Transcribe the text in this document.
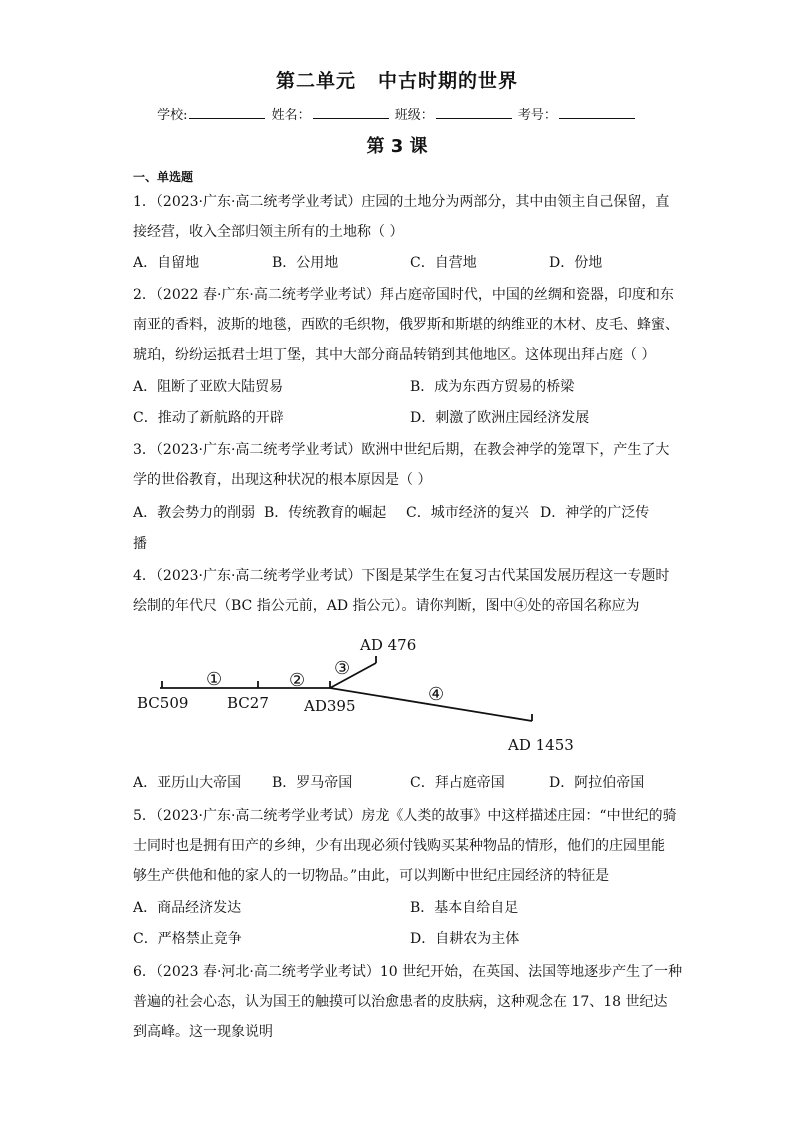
第二单元 中古时期的世界
学校:	姓名：	班级：	考号：
第 3 课
一、单选题
1．（2023·广东·高二统考学业考试）庄园的土地分为两部分，其中由领主自己保留，直
接经营，收入全部归领主所有的土地称（ ）
A．自留地	B．公用地	C．自营地	D．份地
2．（2022 春·广东·高二统考学业考试）拜占庭帝国时代，中国的丝绸和瓷器，印度和东
南亚的香料，波斯的地毯，西欧的毛织物，俄罗斯和斯堪的纳维亚的木材、皮毛、蜂蜜、
琥珀，纷纷运抵君士坦丁堡，其中大部分商品转销到其他地区。这体现出拜占庭（ ）
A．阻断了亚欧大陆贸易	B．成为东西方贸易的桥梁
C．推动了新航路的开辟	D．刺激了欧洲庄园经济发展
3．（2023·广东·高二统考学业考试）欧洲中世纪后期，在教会神学的笼罩下，产生了大
学的世俗教育，出现这种状况的根本原因是（ ）
A．教会势力的削弱 B．传统教育的崛起 C．城市经济的复兴 D．神学的广泛传
播
4．（2023·广东·高二统考学业考试）下图是某学生在复习古代某国发展历程这一专题时
绘制的年代尺（BC 指公元前，AD 指公元）。请你判断，图中④处的帝国名称应为
BC509	BC27 AD395
AD 476
AD 1453
①	②
③
④
A．亚历山大帝国 B．罗马帝国	C．拜占庭帝国	D．阿拉伯帝国
5．（2023·广东·高二统考学业考试）房龙《人类的故事》中这样描述庄园：“中世纪的骑
士同时也是拥有田产的乡绅，少有出现必须付钱购买某种物品的情形，他们的庄园里能
够生产供他和他的家人的一切物品。”由此，可以判断中世纪庄园经济的特征是
A．商品经济发达	B．基本自给自足
C．严格禁止竞争	D．自耕农为主体
6．（2023 春·河北·高二统考学业考试）10 世纪开始，在英国、法国等地逐步产生了一种
普遍的社会心态，认为国王的触摸可以治愈患者的皮肤病，这种观念在 17、18 世纪达
到高峰。这一现象说明
